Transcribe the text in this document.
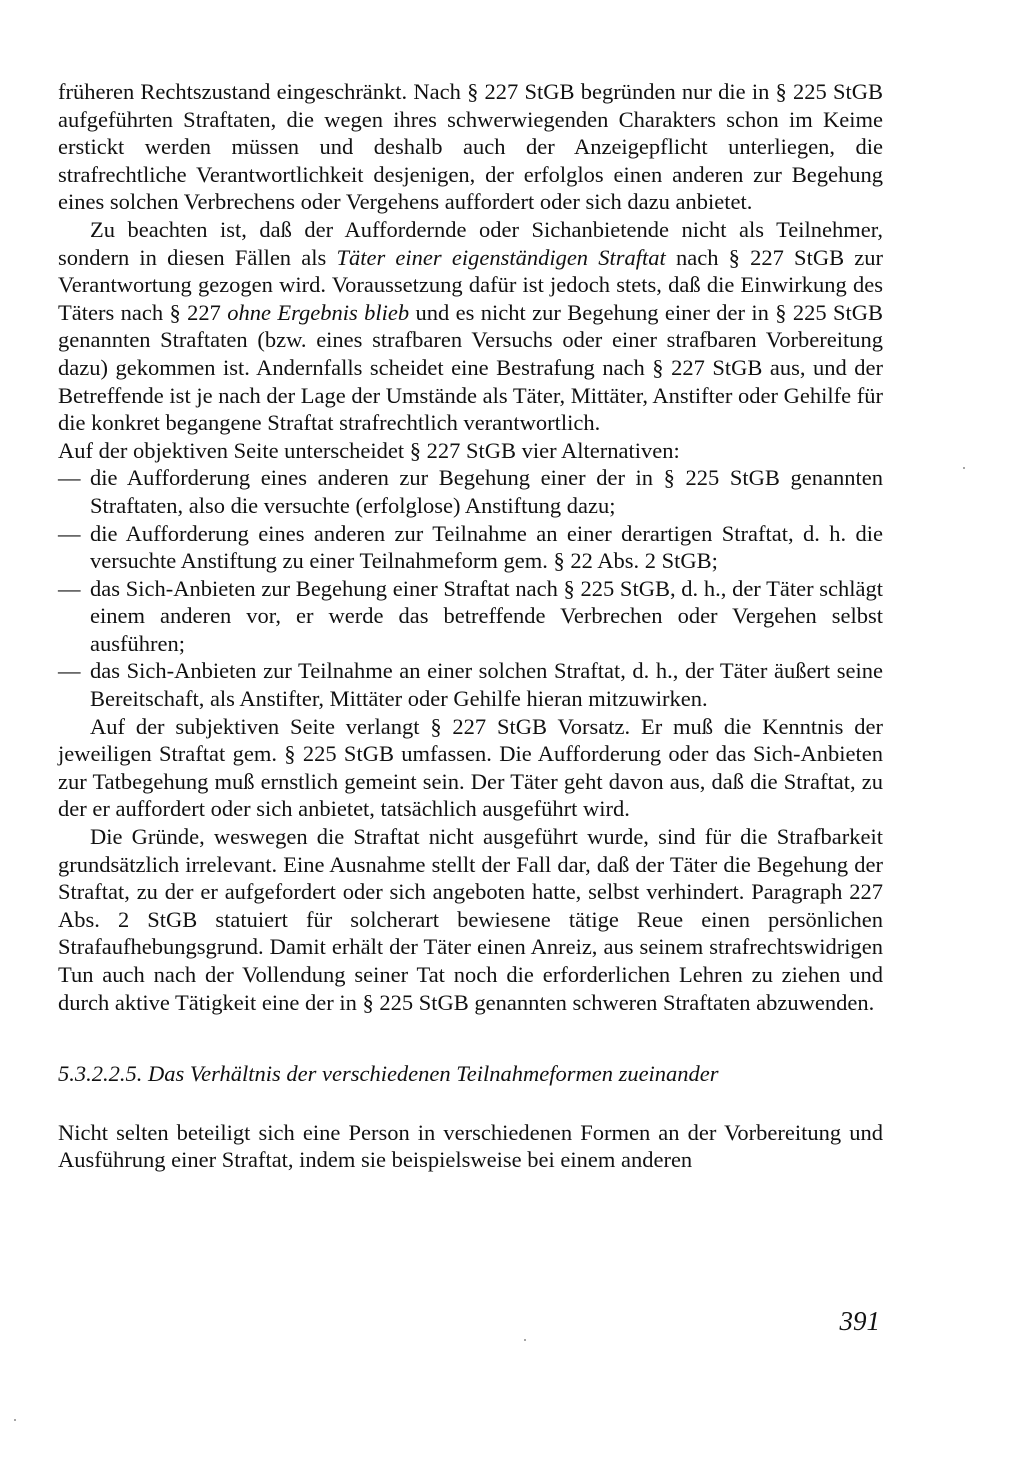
früheren Rechtszustand eingeschränkt. Nach § 227 StGB begründen nur die in § 225 StGB aufgeführten Straftaten, die wegen ihres schwerwiegenden Charakters schon im Keime erstickt werden müssen und deshalb auch der Anzeigepflicht unterliegen, die strafrechtliche Verantwortlichkeit desjenigen, der erfolglos einen anderen zur Begehung eines solchen Verbrechens oder Vergehens auffordert oder sich dazu anbietet.

Zu beachten ist, daß der Auffordernde oder Sichanbietende nicht als Teilnehmer, sondern in diesen Fällen als Täter einer eigenständigen Straftat nach § 227 StGB zur Verantwortung gezogen wird. Voraussetzung dafür ist jedoch stets, daß die Einwirkung des Täters nach § 227 ohne Ergebnis blieb und es nicht zur Begehung einer der in § 225 StGB genannten Straftaten (bzw. eines strafbaren Versuchs oder einer strafbaren Vorbereitung dazu) gekommen ist. Andernfalls scheidet eine Bestrafung nach § 227 StGB aus, und der Betreffende ist je nach der Lage der Umstände als Täter, Mittäter, Anstifter oder Gehilfe für die konkret begangene Straftat strafrechtlich verantwortlich.

Auf der objektiven Seite unterscheidet § 227 StGB vier Alternativen:

— die Aufforderung eines anderen zur Begehung einer der in § 225 StGB genannten Straftaten, also die versuchte (erfolglose) Anstiftung dazu;
— die Aufforderung eines anderen zur Teilnahme an einer derartigen Straftat, d. h. die versuchte Anstiftung zu einer Teilnahmeform gem. § 22 Abs. 2 StGB;
— das Sich-Anbieten zur Begehung einer Straftat nach § 225 StGB, d. h., der Täter schlägt einem anderen vor, er werde das betreffende Verbrechen oder Vergehen selbst ausführen;
— das Sich-Anbieten zur Teilnahme an einer solchen Straftat, d. h., der Täter äußert seine Bereitschaft, als Anstifter, Mittäter oder Gehilfe hieran mitzuwirken.

Auf der subjektiven Seite verlangt § 227 StGB Vorsatz. Er muß die Kenntnis der jeweiligen Straftat gem. § 225 StGB umfassen. Die Aufforderung oder das Sich-Anbieten zur Tatbegehung muß ernstlich gemeint sein. Der Täter geht davon aus, daß die Straftat, zu der er auffordert oder sich anbietet, tatsächlich ausgeführt wird.

Die Gründe, weswegen die Straftat nicht ausgeführt wurde, sind für die Strafbarkeit grundsätzlich irrelevant. Eine Ausnahme stellt der Fall dar, daß der Täter die Begehung der Straftat, zu der er aufgefordert oder sich angeboten hatte, selbst verhindert. Paragraph 227 Abs. 2 StGB statuiert für solcherart bewiesene tätige Reue einen persönlichen Strafaufhebungsgrund. Damit erhält der Täter einen Anreiz, aus seinem strafrechtswidrigen Tun auch nach der Vollendung seiner Tat noch die erforderlichen Lehren zu ziehen und durch aktive Tätigkeit eine der in § 225 StGB genannten schweren Straftaten abzuwenden.

5.3.2.2.5. Das Verhältnis der verschiedenen Teilnahmeformen zueinander

Nicht selten beteiligt sich eine Person in verschiedenen Formen an der Vorbereitung und Ausführung einer Straftat, indem sie beispielsweise bei einem anderen

391
